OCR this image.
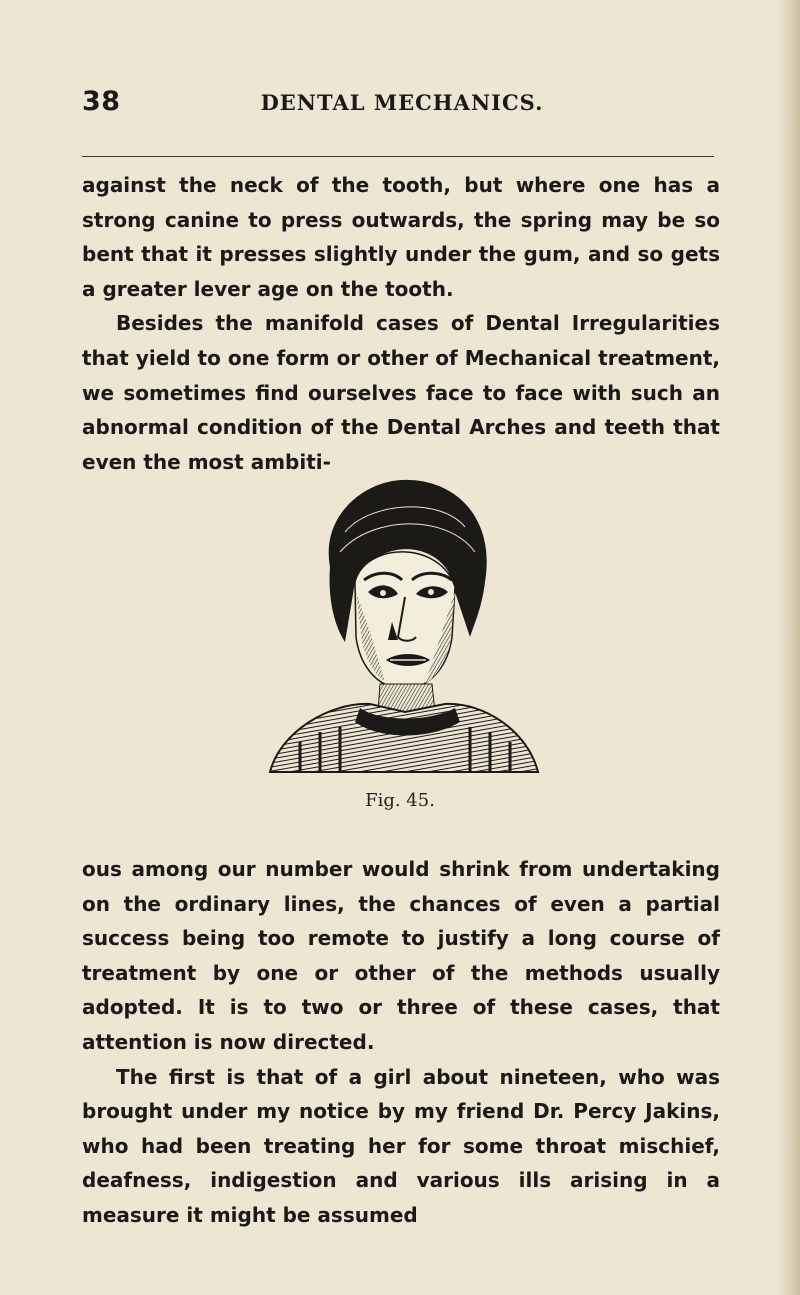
38	DENTAL MECHANICS.

against the neck of the tooth, but where one has a strong canine to press outwards, the spring may be so bent that it presses slightly under the gum, and so gets a greater lever age on the tooth.

Besides the manifold cases of Dental Irregularities that yield to one form or other of Mechanical treatment, we sometimes find ourselves face to face with such an abnormal condition of the Dental Arches and teeth that even the most ambiti-

Fig. 45.

ous among our number would shrink from undertaking on the ordinary lines, the chances of even a partial success being too remote to justify a long course of treatment by one or other of the methods usually adopted. It is to two or three of these cases, that attention is now directed.

The first is that of a girl about nineteen, who was brought under my notice by my friend Dr. Percy Jakins, who had been treating her for some throat mischief, deafness, indigestion and various ills arising in a measure it might be assumed
